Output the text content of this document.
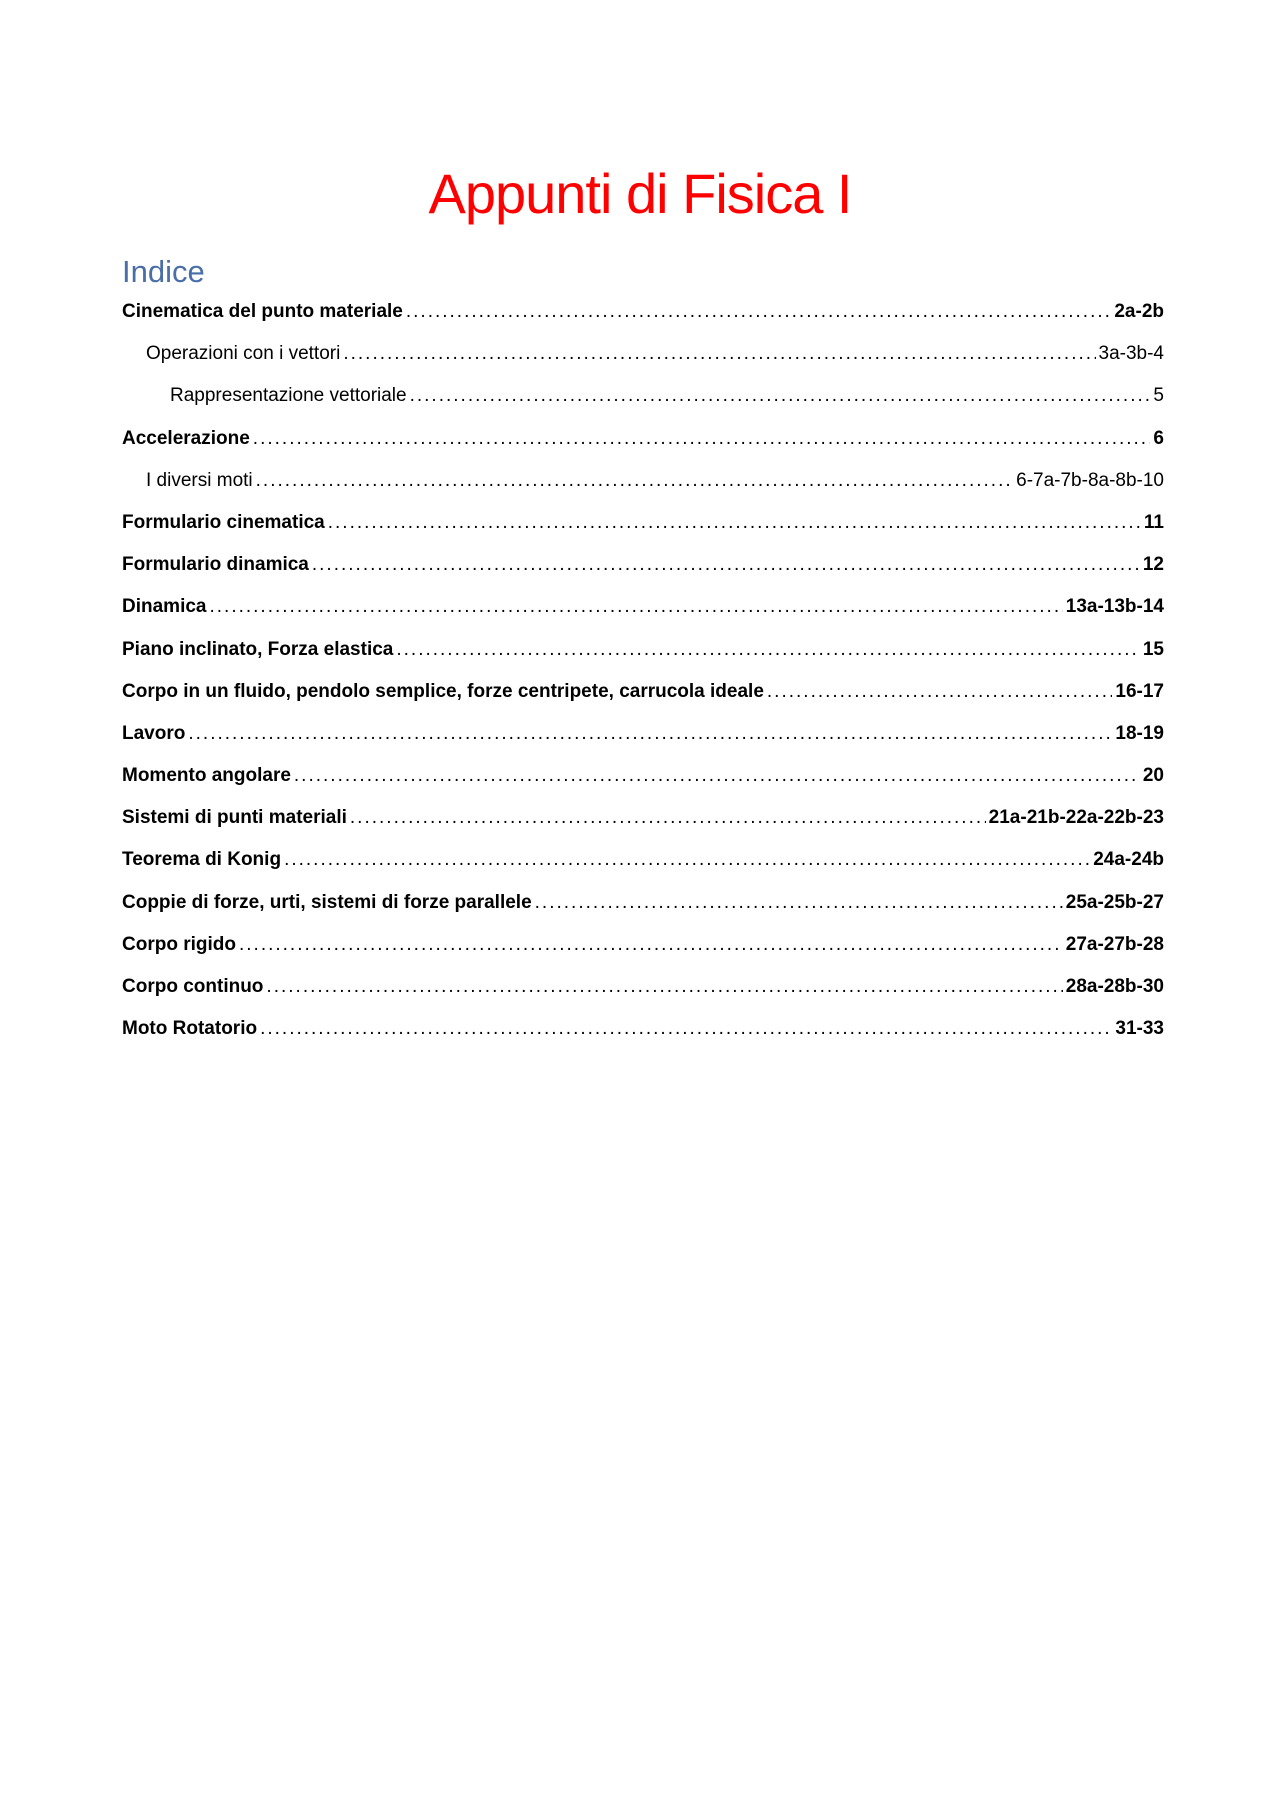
Appunti di Fisica I
Indice
Cinematica del punto materiale .....	2a-2b
Operazioni con i vettori .....	3a-3b-4
Rappresentazione vettoriale .....	5
Accelerazione .....	6
I diversi moti .....	6-7a-7b-8a-8b-10
Formulario cinematica .....	11
Formulario dinamica .....	12
Dinamica .....	13a-13b-14
Piano inclinato, Forza elastica .....	15
Corpo in un fluido, pendolo semplice, forze centripete, carrucola ideale .....	16-17
Lavoro .....	18-19
Momento angolare .....	20
Sistemi di punti materiali .....	21a-21b-22a-22b-23
Teorema di Konig .....	24a-24b
Coppie di forze, urti, sistemi di forze parallele .....	25a-25b-27
Corpo rigido .....	27a-27b-28
Corpo continuo .....	28a-28b-30
Moto Rotatorio .....	31-33
